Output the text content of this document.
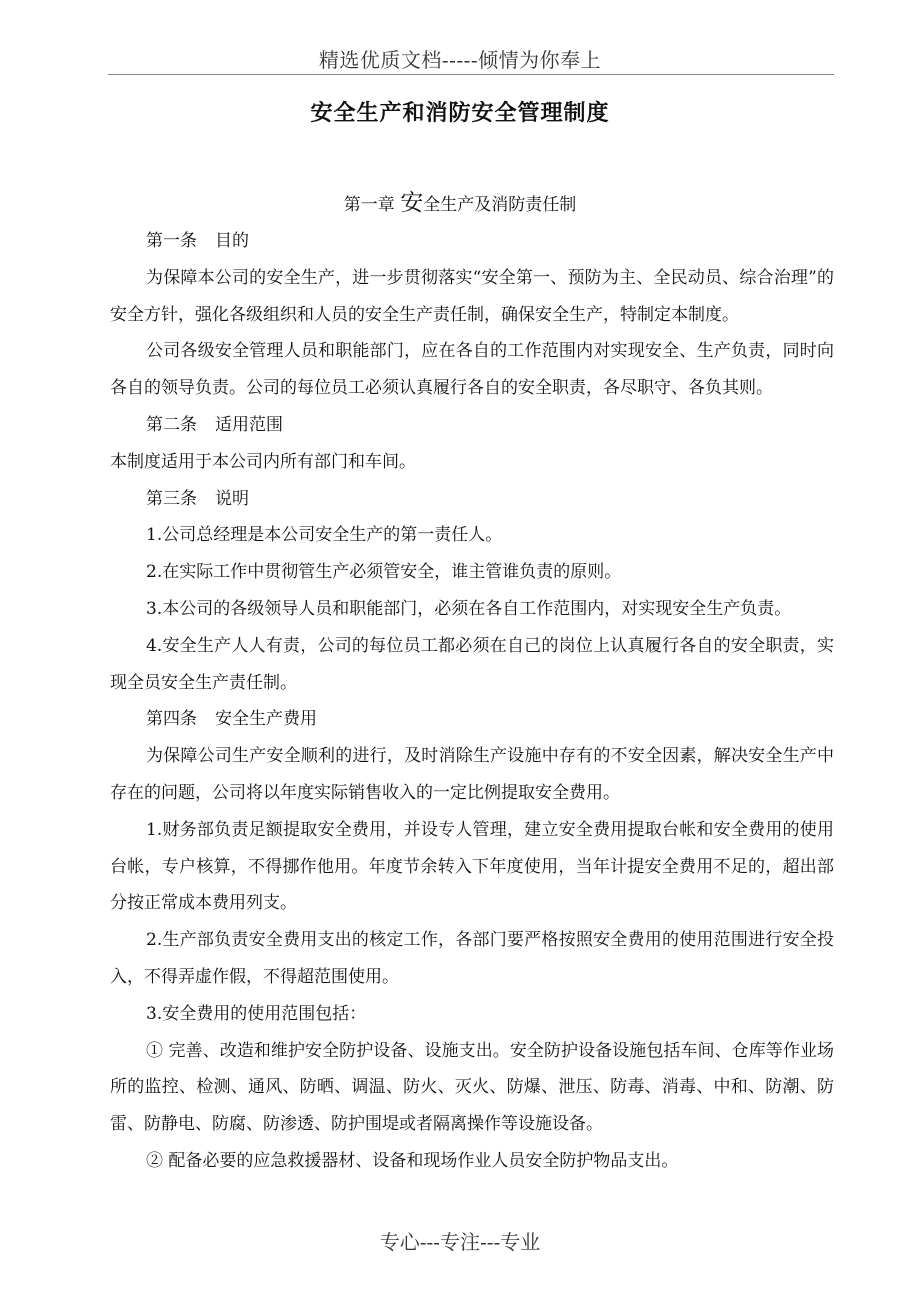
精选优质文档-----倾情为你奉上
安全生产和消防安全管理制度
第一章 安全生产及消防责任制

第一条 目的

为保障本公司的安全生产，进一步贯彻落实“安全第一、预防为主、全民动员、综合治理”的安全方针，强化各级组织和人员的安全生产责任制，确保安全生产，特制定本制度。

公司各级安全管理人员和职能部门，应在各自的工作范围内对实现安全、生产负责，同时向各自的领导负责。公司的每位员工必须认真履行各自的安全职责，各尽职守、各负其则。

第二条 适用范围

本制度适用于本公司内所有部门和车间。

第三条 说明

1.公司总经理是本公司安全生产的第一责任人。

2.在实际工作中贯彻管生产必须管安全，谁主管谁负责的原则。

3.本公司的各级领导人员和职能部门，必须在各自工作范围内，对实现安全生产负责。

4.安全生产人人有责，公司的每位员工都必须在自己的岗位上认真履行各自的安全职责，实现全员安全生产责任制。

第四条 安全生产费用

为保障公司生产安全顺利的进行，及时消除生产设施中存有的不安全因素，解决安全生产中存在的问题，公司将以年度实际销售收入的一定比例提取安全费用。

1.财务部负责足额提取安全费用，并设专人管理，建立安全费用提取台帐和安全费用的使用台帐，专户核算，不得挪作他用。年度节余转入下年度使用，当年计提安全费用不足的，超出部分按正常成本费用列支。

2.生产部负责安全费用支出的核定工作，各部门要严格按照安全费用的使用范围进行安全投入，不得弄虚作假，不得超范围使用。

3.安全费用的使用范围包括：

① 完善、改造和维护安全防护设备、设施支出。安全防护设备设施包括车间、仓库等作业场所的监控、检测、通风、防晒、调温、防火、灭火、防爆、泄压、防毒、消毒、中和、防潮、防雷、防静电、防腐、防渗透、防护围堤或者隔离操作等设施设备。

② 配备必要的应急救援器材、设备和现场作业人员安全防护物品支出。

专心---专注---专业
